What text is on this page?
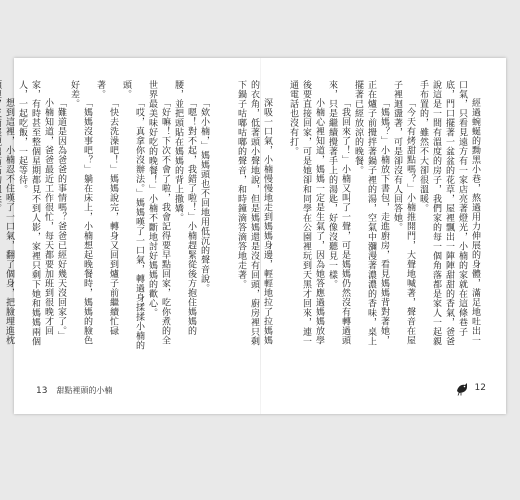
「欸小楠，」媽媽頭也不回地用低沉的聲音說。

「嗯！對不起，我錯了啦！」小楠趕緊從後方抱住媽媽的腰，並把頭貼在媽媽的背上撒嬌。

「好嘛！下次不會了啦，我會記得要早點回家，吃你煮的全世界最美味好吃的晚餐！」小楠不斷地討好媽媽的歡心。

「哎，真拿你沒辦法。」媽媽嘆了一口氣，轉過身揉揉小楠的頭。

「快去洗澡吧！」媽媽說完，轉身又回到爐子前繼續忙碌著。

「媽媽沒事吧？」躺在床上，小楠想起晚餐時，媽媽的臉色好差。

「難道是因為爸爸的事情嗎？爸爸已經好幾天沒回家了。」

小楠知道，爸爸最近工作很忙，每天都要加班到很晚才回家，有時甚至整個星期都見不到人影，家裡只剩下她和媽媽兩個人，一起吃飯，一起等待。

想到這裡，小楠忍不住嘆了一口氣，翻了個身，把臉埋進枕

13 甜點裡頭的小楠

經過蜿蜒的黝黑小巷，熬過用力伸展的身體，滿足地吐出一口氣，只看見遠方有一家店亮著燈光，小楠的家就在這條巷子底，門口擺著一盆盆的花草，屋裡飄出一陣陣甜甜的香氣，爸爸說這是一間有溫度的房子，我們家的每一個角落都是家人一起親手布置的，雖然不大卻很溫暖。

「今天有烤甜點嗎？」小楠推開門，大聲地喊著，聲音在屋子裡迴盪著，可是卻沒有人回答她。

「媽媽？」小楠放下書包，走進廚房，看見媽媽背對著她，正在爐子前攪拌著鍋子裡的湯，空氣中瀰漫著濃濃的香味，桌上擺著已經放涼的晚餐。

「我回來了！」小楠又叫了一聲，可是媽媽仍然沒有轉過頭來，只是繼續攪著手上的湯匙，好像沒聽見一樣。

小楠心裡知道，媽媽一定是生氣了，因為她答應過媽媽放學後要直接回家，可是她卻和同學在公園裡玩到天黑才回來，連一通電話也沒有打。

深吸一口氣，小楠慢慢地走到媽媽身邊，輕輕地拉了拉媽媽的衣角，低著頭小聲地說，但是媽媽還是沒有回頭，廚房裡只剩下鍋子咕嘟咕嘟的聲音，和時鐘滴答滴答地走著。

12
